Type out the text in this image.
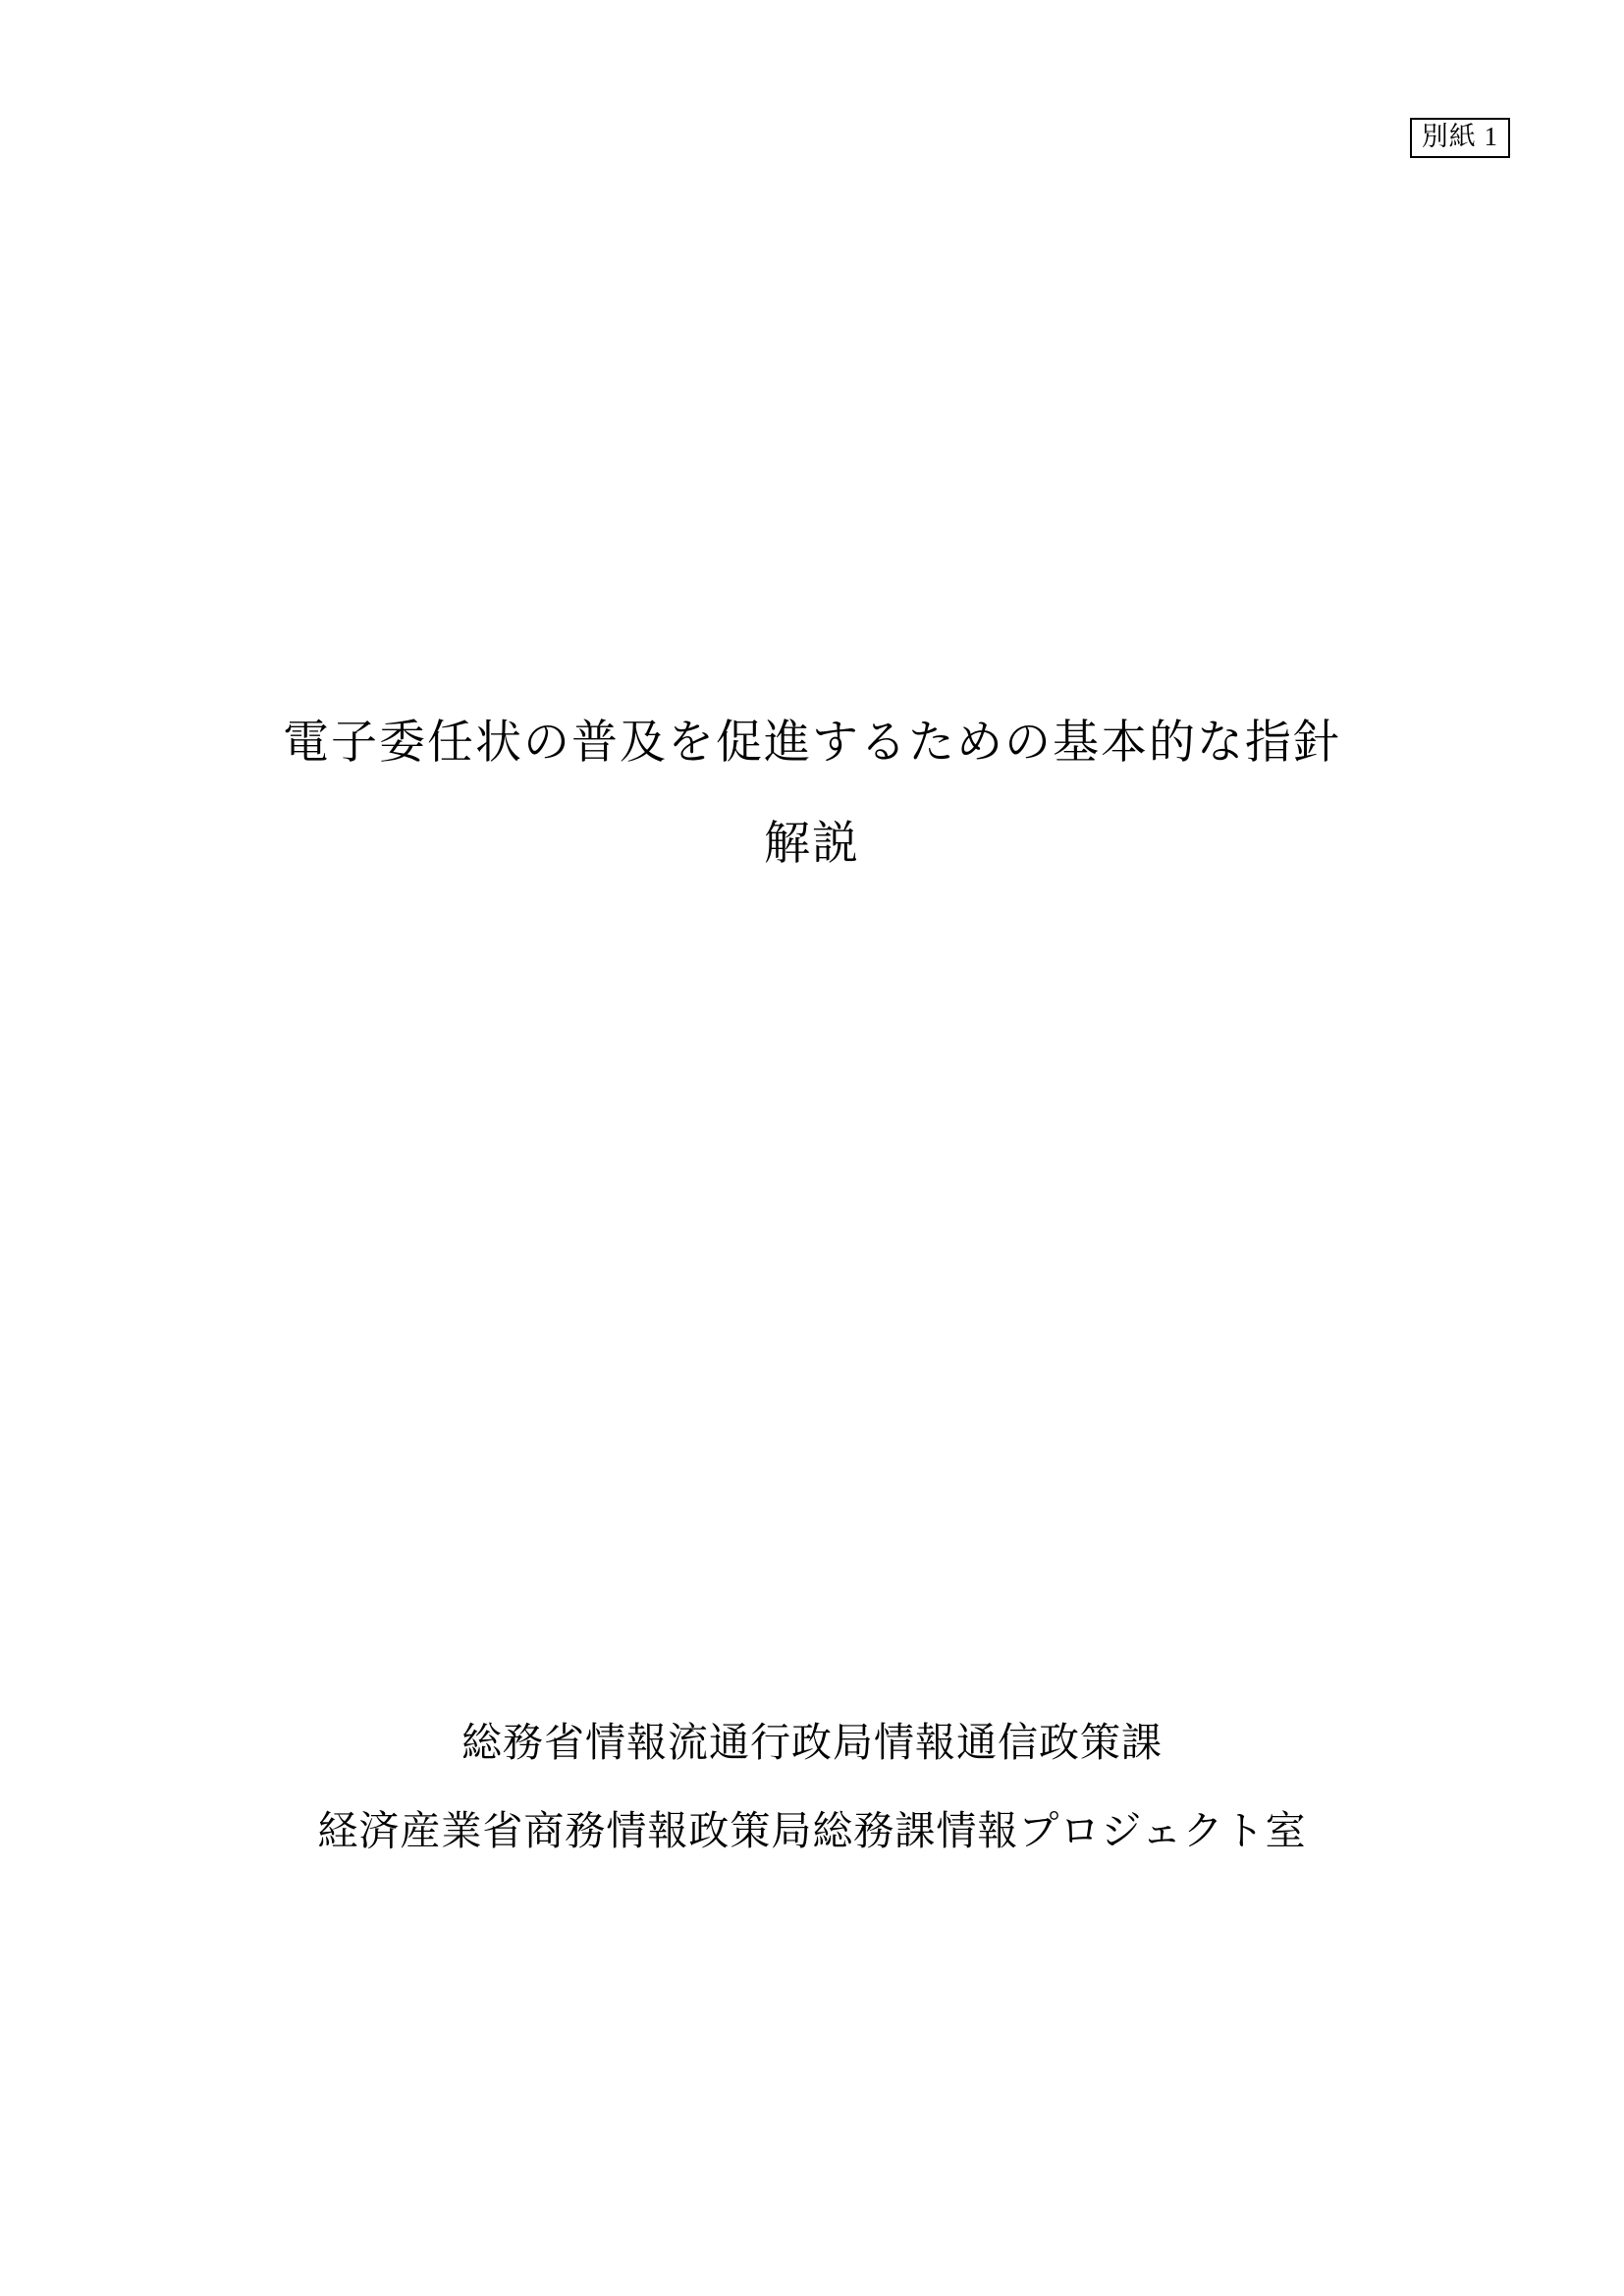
別紙 1
電子委任状の普及を促進するための基本的な指針
解説
総務省情報流通行政局情報通信政策課
経済産業省商務情報政策局総務課情報プロジェクト室
